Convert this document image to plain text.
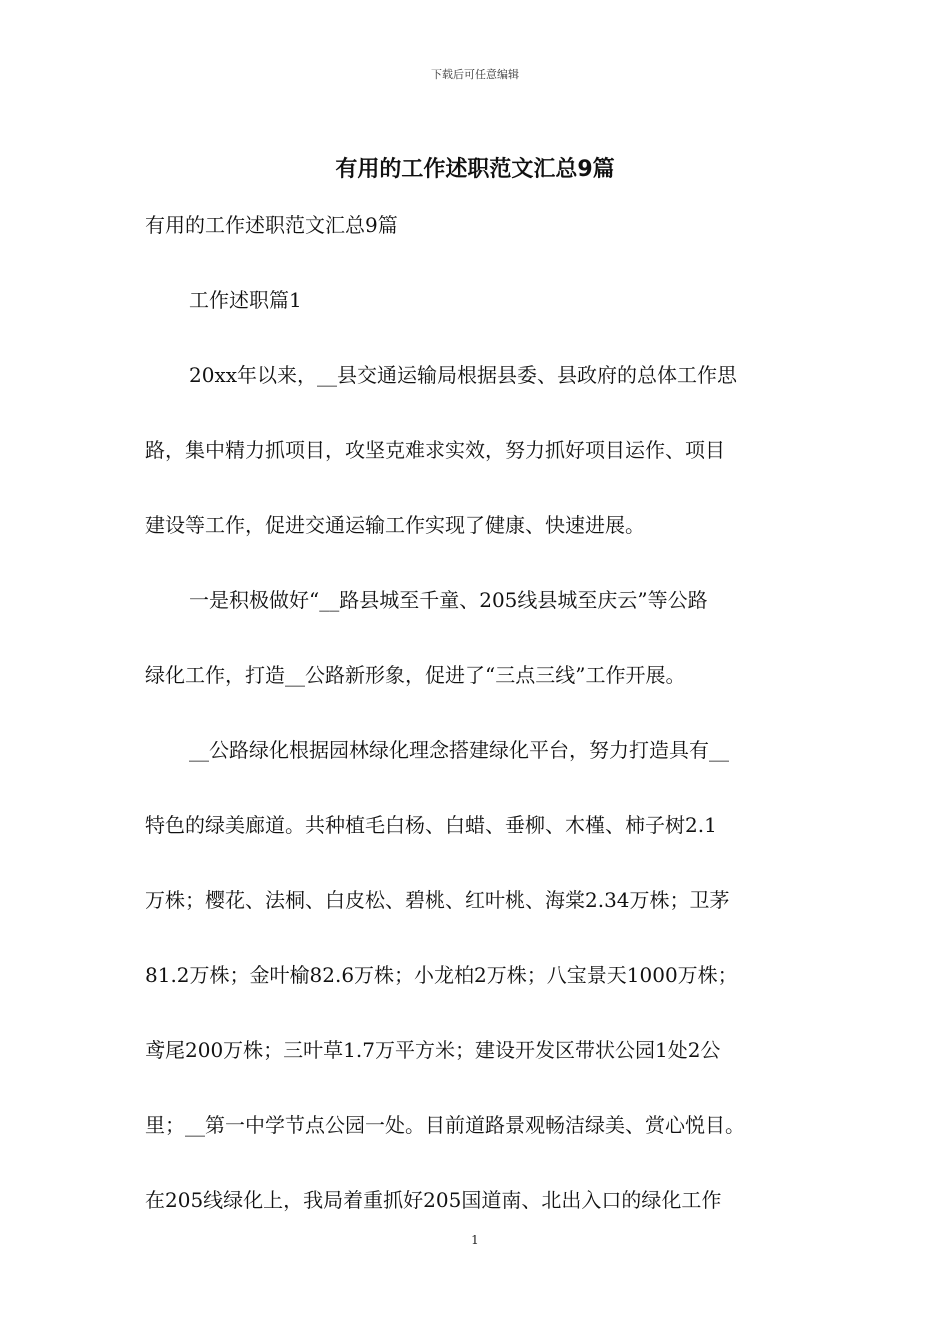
下载后可任意编辑
有用的工作述职范文汇总9篇
有用的工作述职范文汇总9篇
工作述职篇1
20xx年以来，__县交通运输局根据县委、县政府的总体工作思
路，集中精力抓项目，攻坚克难求实效，努力抓好项目运作、项目
建设等工作，促进交通运输工作实现了健康、快速进展。
一是积极做好“__路县城至千童、205线县城至庆云”等公路
绿化工作，打造__公路新形象，促进了“三点三线”工作开展。
__公路绿化根据园林绿化理念搭建绿化平台，努力打造具有__
特色的绿美廊道。共种植毛白杨、白蜡、垂柳、木槿、柿子树2.1
万株；樱花、法桐、白皮松、碧桃、红叶桃、海棠2.34万株；卫茅
81.2万株；金叶榆82.6万株；小龙柏2万株；八宝景天1000万株；
鸢尾200万株；三叶草1.7万平方米；建设开发区带状公园1处2公
里；__第一中学节点公园一处。目前道路景观畅洁绿美、赏心悦目。
在205线绿化上，我局着重抓好205国道南、北出入口的绿化工作
1
